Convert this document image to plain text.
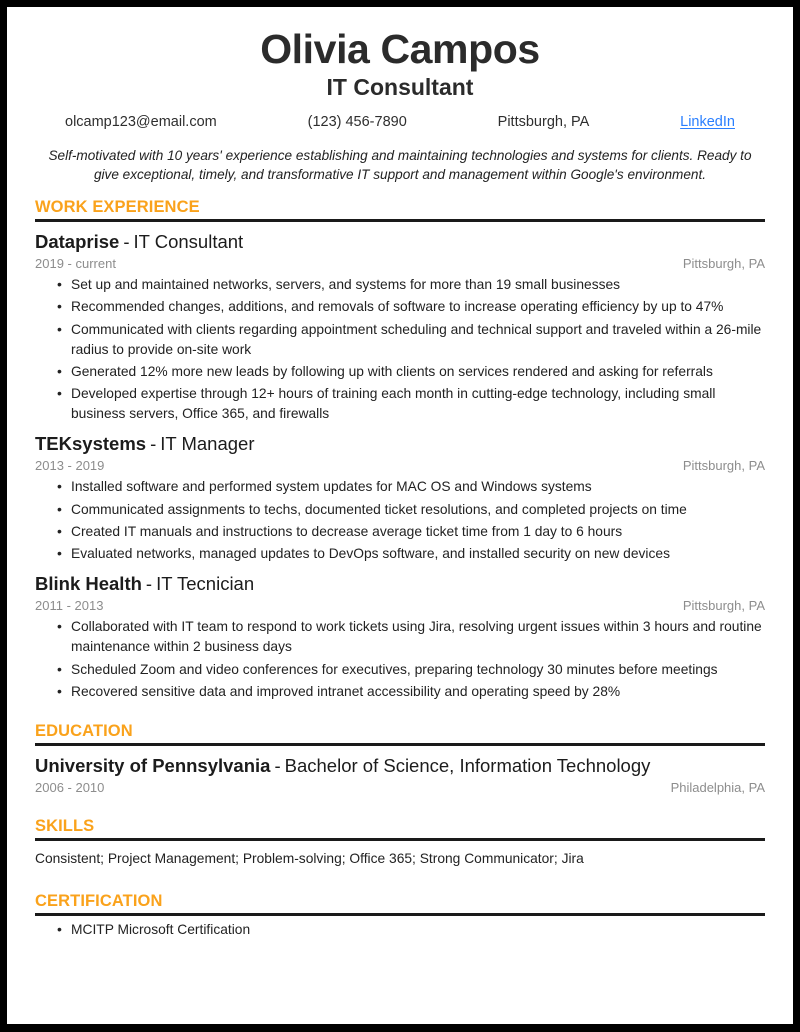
Olivia Campos
IT Consultant
olcamp123@email.com	(123) 456-7890	Pittsburgh, PA	LinkedIn
Self-motivated with 10 years' experience establishing and maintaining technologies and systems for clients. Ready to give exceptional, timely, and transformative IT support and management within Google's environment.
WORK EXPERIENCE
Dataprise - IT Consultant
2019 - current	Pittsburgh, PA
• Set up and maintained networks, servers, and systems for more than 19 small businesses
• Recommended changes, additions, and removals of software to increase operating efficiency by up to 47%
• Communicated with clients regarding appointment scheduling and technical support and traveled within a 26-mile radius to provide on-site work
• Generated 12% more new leads by following up with clients on services rendered and asking for referrals
• Developed expertise through 12+ hours of training each month in cutting-edge technology, including small business servers, Office 365, and firewalls
TEKsystems - IT Manager
2013 - 2019	Pittsburgh, PA
• Installed software and performed system updates for MAC OS and Windows systems
• Communicated assignments to techs, documented ticket resolutions, and completed projects on time
• Created IT manuals and instructions to decrease average ticket time from 1 day to 6 hours
• Evaluated networks, managed updates to DevOps software, and installed security on new devices
Blink Health - IT Tecnician
2011 - 2013	Pittsburgh, PA
• Collaborated with IT team to respond to work tickets using Jira, resolving urgent issues within 3 hours and routine maintenance within 2 business days
• Scheduled Zoom and video conferences for executives, preparing technology 30 minutes before meetings
• Recovered sensitive data and improved intranet accessibility and operating speed by 28%
EDUCATION
University of Pennsylvania - Bachelor of Science, Information Technology
2006 - 2010	Philadelphia, PA
SKILLS
Consistent; Project Management; Problem-solving; Office 365; Strong Communicator; Jira
CERTIFICATION
• MCITP Microsoft Certification
